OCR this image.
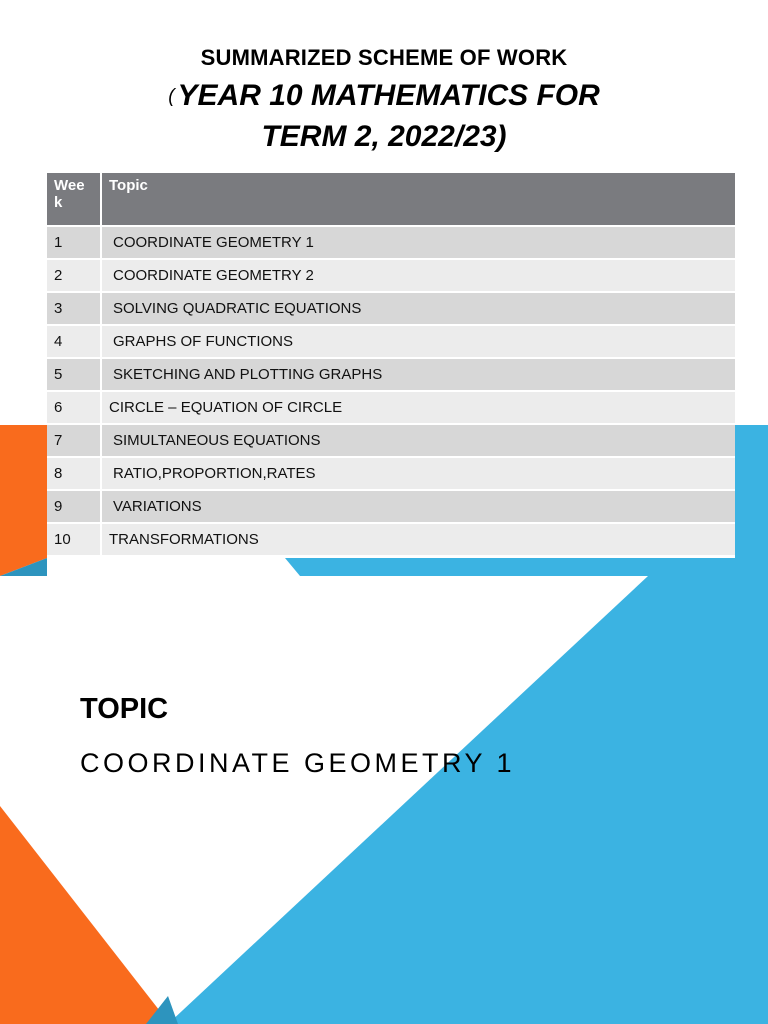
SUMMARIZED SCHEME OF WORK
( YEAR 10 MATHEMATICS FOR
TERM 2, 2022/23)
Wee k	Topic
1	COORDINATE GEOMETRY 1
2	COORDINATE GEOMETRY 2
3	SOLVING QUADRATIC EQUATIONS
4	GRAPHS OF FUNCTIONS
5	SKETCHING AND PLOTTING GRAPHS
6	CIRCLE – EQUATION OF CIRCLE
7	SIMULTANEOUS EQUATIONS
8	RATIO,PROPORTION,RATES
9	VARIATIONS
10	TRANSFORMATIONS
TOPIC
COORDINATE GEOMETRY 1
